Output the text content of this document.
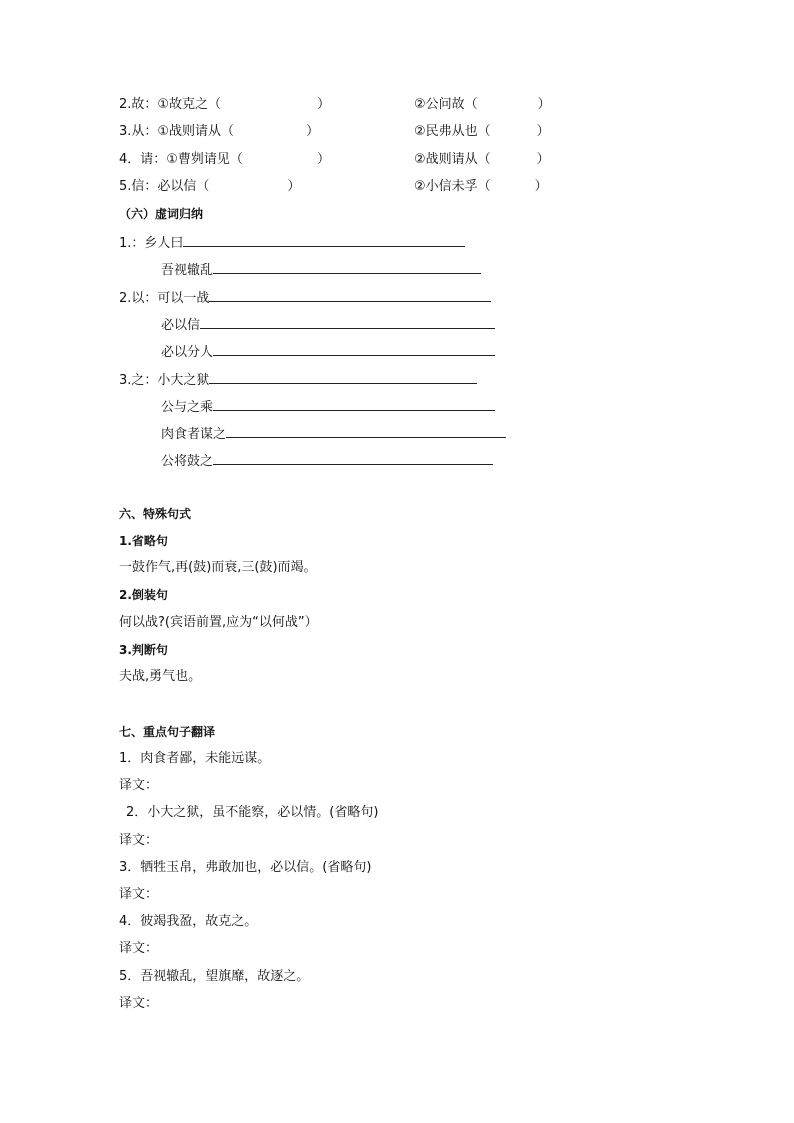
2.故：①故克之（	）	②公问故（	）
3.从：①战则请从（	）	②民弗从也（	）
4．请：①曹刿请见（	）	②战则请从（	）
5.信：必以信（	）	②小信未孚（	）
（六）虚词归纳
1.：乡人曰
吾视辙乱
2.以：可以一战
必以信
必以分人
3.之：小大之狱
公与之乘
肉食者谋之
公将鼓之
六、特殊句式
1.省略句
一鼓作气,再(鼓)而衰,三(鼓)而竭。
2.倒装句
何以战?(宾语前置,应为“以何战”）
3.判断句
夫战,勇气也。
七、重点句子翻译
1．肉食者鄙，未能远谋。
译文：
2．小大之狱，虽不能察，必以情。(省略句)
译文：
3．牺牲玉帛，弗敢加也，必以信。(省略句)
译文：
4．彼竭我盈，故克之。
译文：
5．吾视辙乱，望旗靡，故逐之。
译文：
